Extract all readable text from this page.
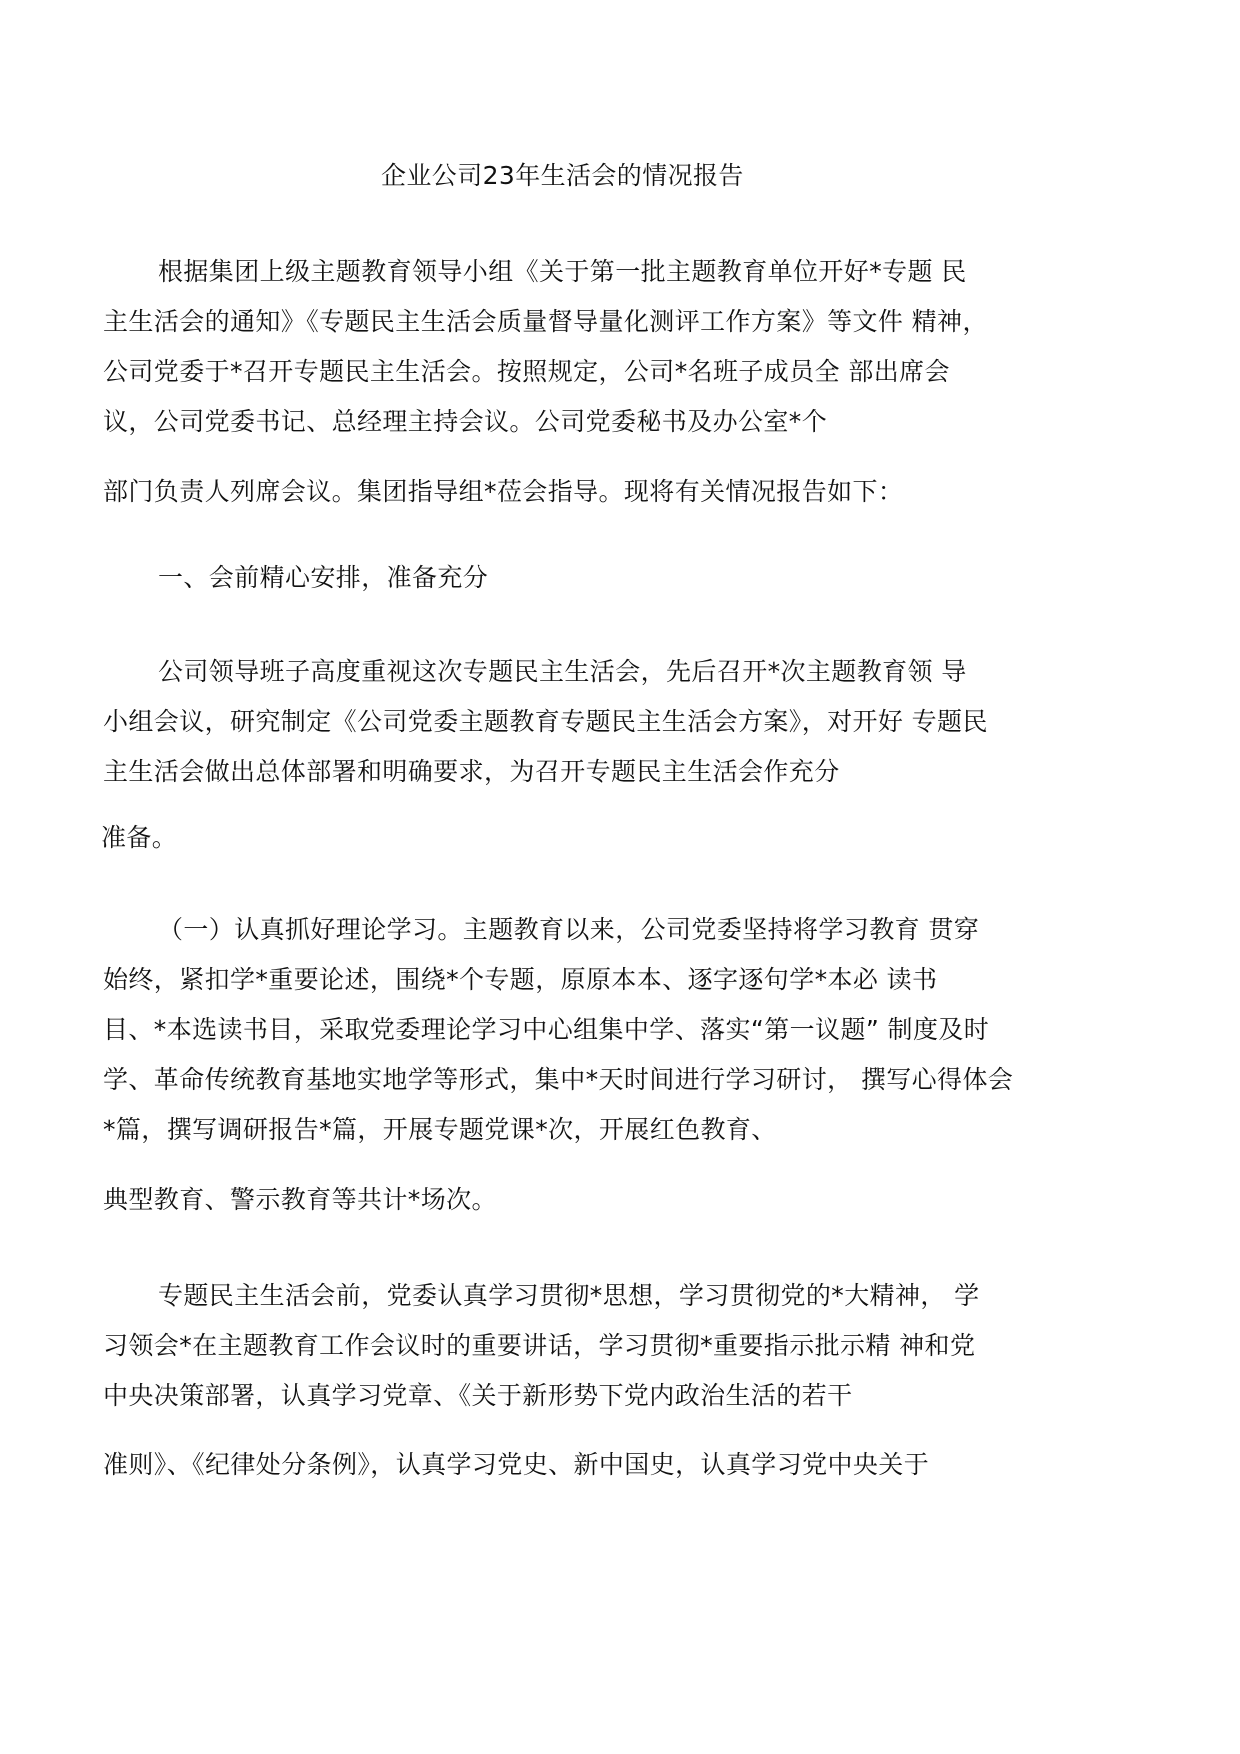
企业公司23年生活会的情况报告
根据集团上级主题教育领导小组《关于第一批主题教育单位开好*专题 民
主生活会的通知》《专题民主生活会质量督导量化测评工作方案》等文件 精神，
公司党委于*召开专题民主生活会。按照规定，公司*名班子成员全 部出席会
议，公司党委书记、总经理主持会议。公司党委秘书及办公室*个
部门负责人列席会议。集团指导组*莅会指导。现将有关情况报告如下：
一、会前精心安排，准备充分
公司领导班子高度重视这次专题民主生活会，先后召开*次主题教育领 导
小组会议，研究制定《公司党委主题教育专题民主生活会方案》，对开好 专题民
主生活会做出总体部署和明确要求，为召开专题民主生活会作充分
准备。
（一）认真抓好理论学习。主题教育以来，公司党委坚持将学习教育 贯穿
始终，紧扣学*重要论述，围绕*个专题，原原本本、逐字逐句学*本必 读书
目、*本选读书目，采取党委理论学习中心组集中学、落实“第一议题” 制度及时
学、革命传统教育基地实地学等形式，集中*天时间进行学习研讨， 撰写心得体会
*篇，撰写调研报告*篇，开展专题党课*次，开展红色教育、
典型教育、警示教育等共计*场次。
专题民主生活会前，党委认真学习贯彻*思想，学习贯彻党的*大精神， 学
习领会*在主题教育工作会议时的重要讲话，学习贯彻*重要指示批示精 神和党
中央决策部署，认真学习党章、《关于新形势下党内政治生活的若干
准则》、《纪律处分条例》，认真学习党史、新中国史，认真学习党中央关于
